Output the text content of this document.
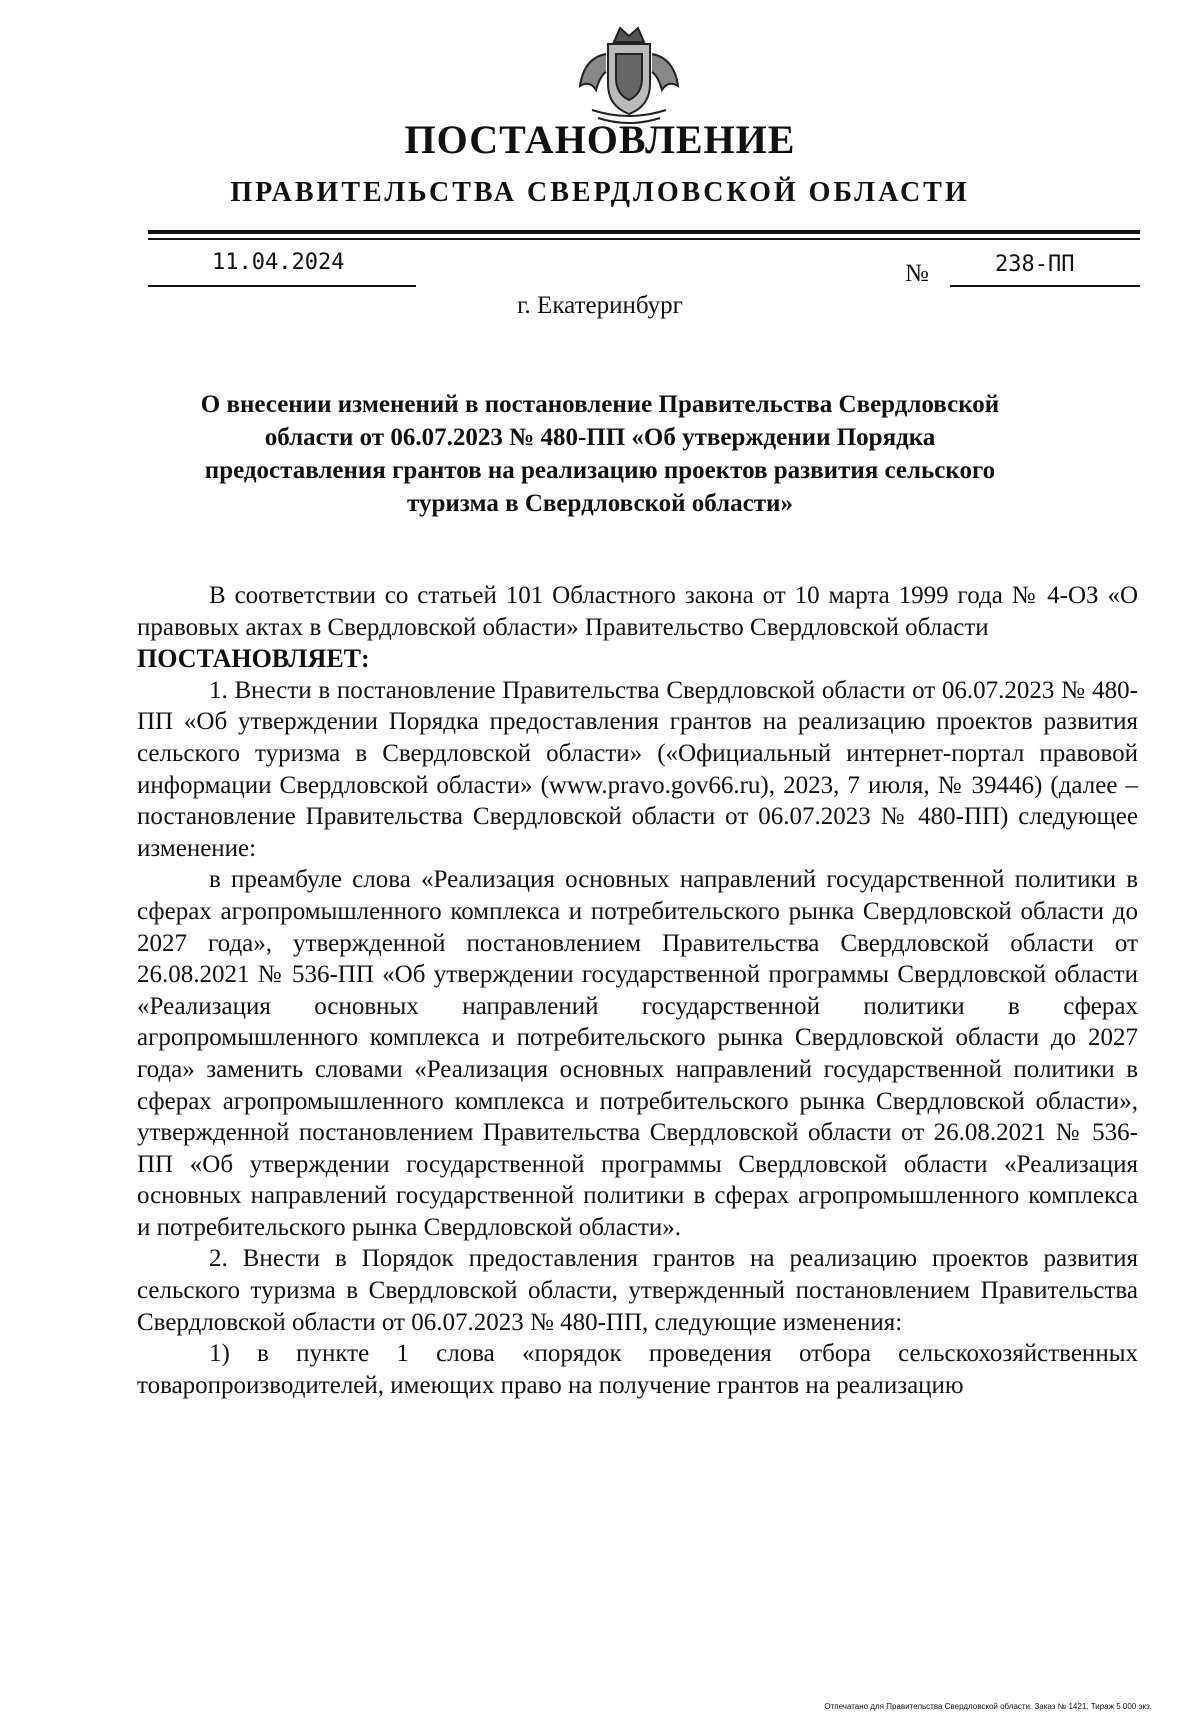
ПОСТАНОВЛЕНИЕ
ПРАВИТЕЛЬСТВА СВЕРДЛОВСКОЙ ОБЛАСТИ
11.04.2024	№	238-ПП
г. Екатеринбург

О внесении изменений в постановление Правительства Свердловской области от 06.07.2023 № 480-ПП «Об утверждении Порядка предоставления грантов на реализацию проектов развития сельского туризма в Свердловской области»

В соответствии со статьей 101 Областного закона от 10 марта 1999 года № 4-ОЗ «О правовых актах в Свердловской области» Правительство Свердловской области

ПОСТАНОВЛЯЕТ:

1. Внести в постановление Правительства Свердловской области от 06.07.2023 № 480-ПП «Об утверждении Порядка предоставления грантов на реализацию проектов развития сельского туризма в Свердловской области» («Официальный интернет-портал правовой информации Свердловской области» (www.pravo.gov66.ru), 2023, 7 июля, № 39446) (далее – постановление Правительства Свердловской области от 06.07.2023 № 480-ПП) следующее изменение:

в преамбуле слова «Реализация основных направлений государственной политики в сферах агропромышленного комплекса и потребительского рынка Свердловской области до 2027 года», утвержденной постановлением Правительства Свердловской области от 26.08.2021 № 536-ПП «Об утверждении государственной программы Свердловской области «Реализация основных направлений государственной политики в сферах агропромышленного комплекса и потребительского рынка Свердловской области до 2027 года» заменить словами «Реализация основных направлений государственной политики в сферах агропромышленного комплекса и потребительского рынка Свердловской области», утвержденной постановлением Правительства Свердловской области от 26.08.2021 № 536-ПП «Об утверждении государственной программы Свердловской области «Реализация основных направлений государственной политики в сферах агропромышленного комплекса и потребительского рынка Свердловской области».

2. Внести в Порядок предоставления грантов на реализацию проектов развития сельского туризма в Свердловской области, утвержденный постановлением Правительства Свердловской области от 06.07.2023 № 480-ПП, следующие изменения:

1) в пункте 1 слова «порядок проведения отбора сельскохозяйственных товаропроизводителей, имеющих право на получение грантов на реализацию

Отпечатано для Правительства Свердловской области. Заказ № 1421. Тираж 5 000 экз.
